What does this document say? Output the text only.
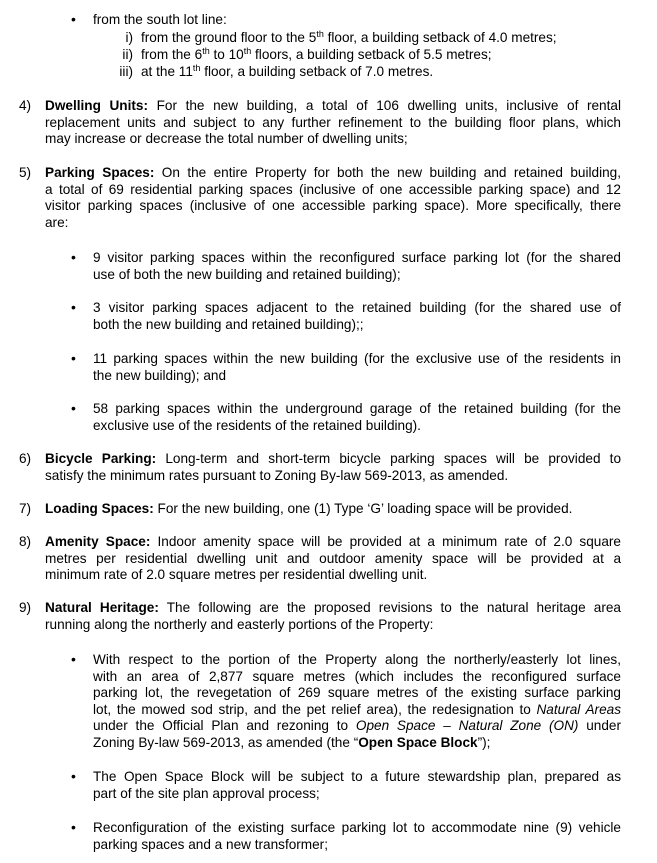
• from the south lot line:
i) from the ground floor to the 5th floor, a building setback of 4.0 metres;
ii) from the 6th to 10th floors, a building setback of 5.5 metres;
iii) at the 11th floor, a building setback of 7.0 metres.
4) Dwelling Units: For the new building, a total of 106 dwelling units, inclusive of rental
replacement units and subject to any further refinement to the building floor plans, which
may increase or decrease the total number of dwelling units;
5) Parking Spaces: On the entire Property for both the new building and retained building,
a total of 69 residential parking spaces (inclusive of one accessible parking space) and 12
visitor parking spaces (inclusive of one accessible parking space). More specifically, there
are:
• 9 visitor parking spaces within the reconfigured surface parking lot (for the shared
use of both the new building and retained building);
• 3 visitor parking spaces adjacent to the retained building (for the shared use of
both the new building and retained building);;
• 11 parking spaces within the new building (for the exclusive use of the residents in
the new building); and
• 58 parking spaces within the underground garage of the retained building (for the
exclusive use of the residents of the retained building).
6) Bicycle Parking: Long-term and short-term bicycle parking spaces will be provided to
satisfy the minimum rates pursuant to Zoning By-law 569-2013, as amended.
7) Loading Spaces: For the new building, one (1) Type ‘G’ loading space will be provided.
8) Amenity Space: Indoor amenity space will be provided at a minimum rate of 2.0 square
metres per residential dwelling unit and outdoor amenity space will be provided at a
minimum rate of 2.0 square metres per residential dwelling unit.
9) Natural Heritage: The following are the proposed revisions to the natural heritage area
running along the northerly and easterly portions of the Property:
• With respect to the portion of the Property along the northerly/easterly lot lines,
with an area of 2,877 square metres (which includes the reconfigured surface
parking lot, the revegetation of 269 square metres of the existing surface parking
lot, the mowed sod strip, and the pet relief area), the redesignation to Natural Areas
under the Official Plan and rezoning to Open Space – Natural Zone (ON) under
Zoning By-law 569-2013, as amended (the “Open Space Block”);
• The Open Space Block will be subject to a future stewardship plan, prepared as
part of the site plan approval process;
• Reconfiguration of the existing surface parking lot to accommodate nine (9) vehicle
parking spaces and a new transformer;
